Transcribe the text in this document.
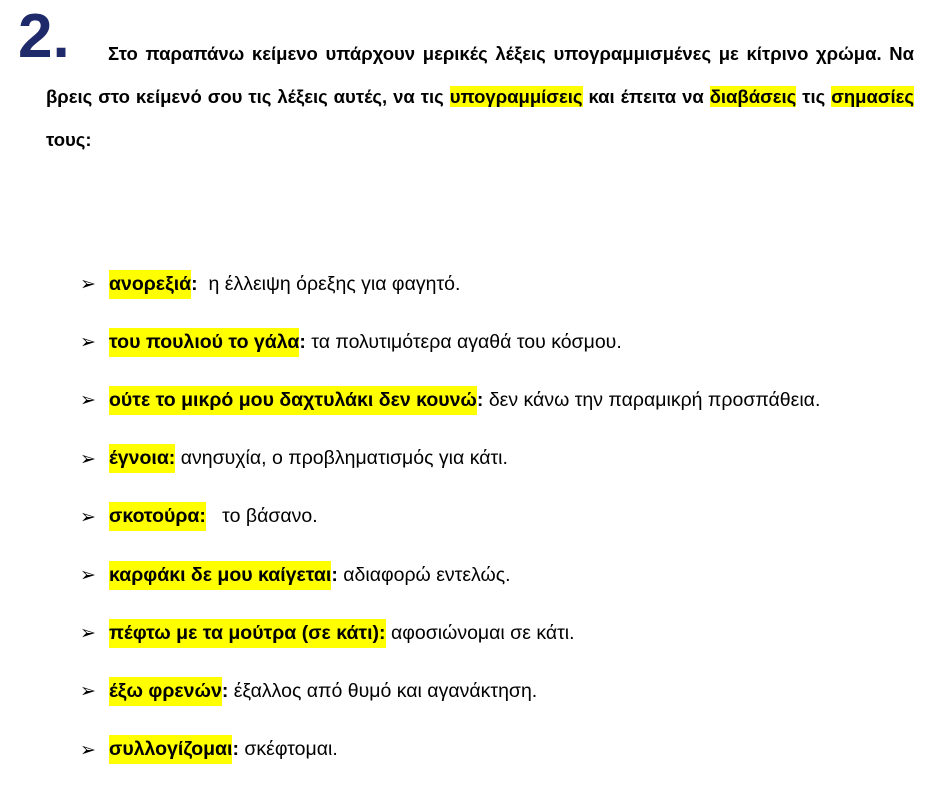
2.	Στο παραπάνω κείμενο υπάρχουν μερικές λέξεις υπογραμμισμένες με κίτρινο χρώμα. Να βρεις στο κείμενό σου τις λέξεις αυτές, να τις υπογραμμίσεις και έπειτα να διαβάσεις τις σημασίες τους:

➢ ανορεξιά : η έλλειψη όρεξης για φαγητό.
➢ του πουλιού το γάλα : τα πολυτιμότερα αγαθά του κόσμου.
➢ ούτε το μικρό μου δαχτυλάκι δεν κουνώ : δεν κάνω την παραμικρή προσπάθεια.
➢ έγνοια: ανησυχία, ο προβληματισμός για κάτι.
➢ σκοτούρα: το βάσανο.
➢ καρφάκι δε μου καίγεται : αδιαφορώ εντελώς.
➢ πέφτω με τα μούτρα (σε κάτι): αφοσιώνομαι σε κάτι.
➢ έξω φρενών : έξαλλος από θυμό και αγανάκτηση.
➢ συλλογίζομαι : σκέφτομαι.
